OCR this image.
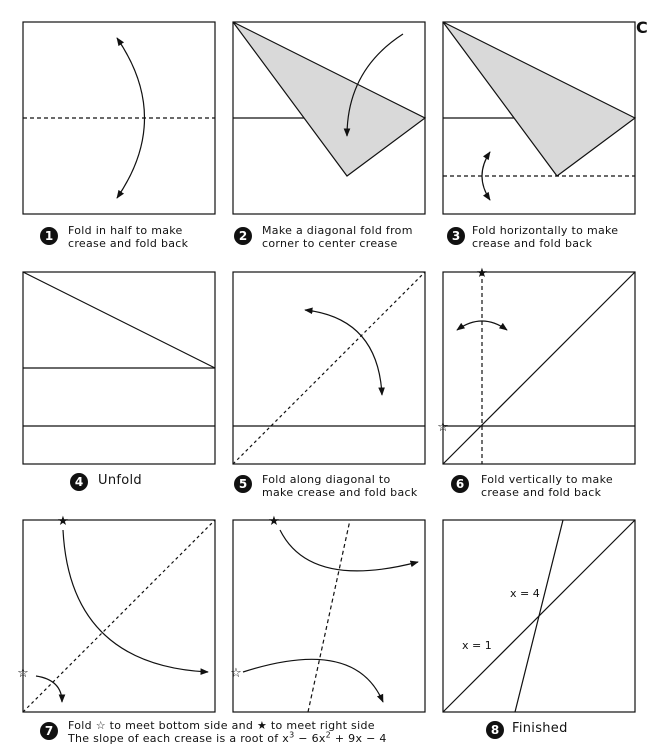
★
☆
★
☆
★
☆
x = 4
x = 1
C
1	Fold in half to make
crease and fold back
2	Make a diagonal fold from
corner to center crease
3	Fold horizontally to make
crease and fold back
4	Unfold	5	Fold along diagonal to
make crease and fold back
6	Fold vertically to make
crease and fold back
7	Fold ☆ to meet bottom side and ★ to meet right side
The slope of each crease is a root of $x^3 - 6x^2 + 9x - 4$
8 Finished
